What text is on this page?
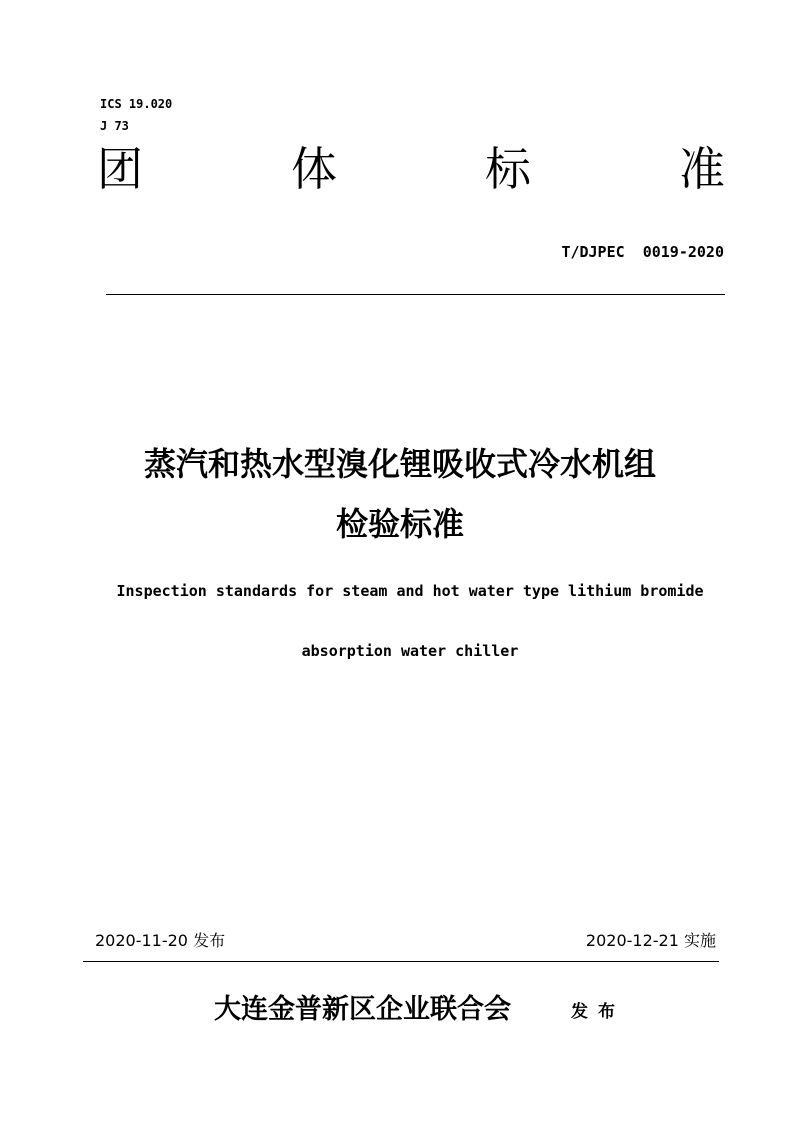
ICS 19.020
J 73
团	体	标	准
T/DJPEC  0019-2020
蒸汽和热水型溴化锂吸收式冷水机组
检验标准
Inspection standards for steam and hot water type lithium bromide
absorption water chiller
2020-11-20 发布	2020-12-21 实施
大连金普新区企业联合会	发布
